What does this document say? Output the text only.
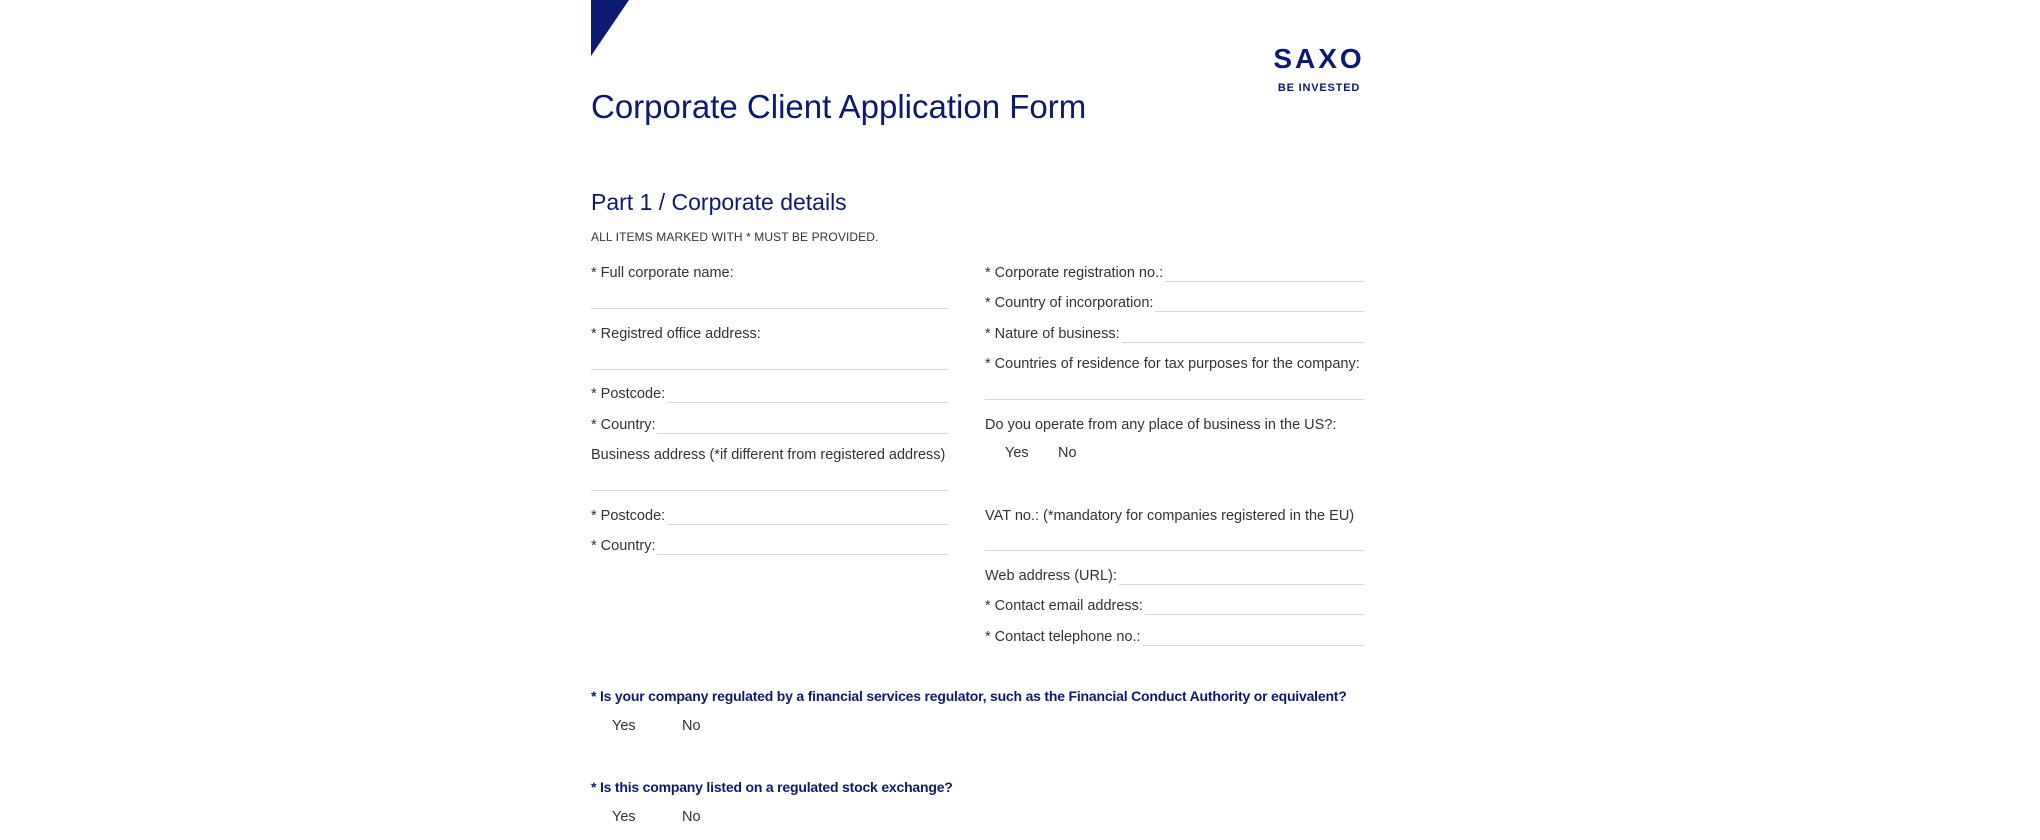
Corporate Client Application Form
SAXO
BE INVESTED
Part 1 / Corporate details
ALL ITEMS MARKED WITH * MUST BE PROVIDED.
* Full corporate name:
* Registred office address:
* Postcode:
* Country:
Business address (*if different from registered address)
* Postcode:
* Country:
* Corporate registration no.:
* Country of incorporation:
* Nature of business:
* Countries of residence for tax purposes for the company:
Do you operate from any place of business in the US?:
Yes No
VAT no.: (*mandatory for companies registered in the EU)
Web address (URL):
* Contact email address:
* Contact telephone no.:
* Is your company regulated by a financial services regulator, such as the Financial Conduct Authority or equivalent?
Yes	No
* Is this company listed on a regulated stock exchange?
Yes	No
